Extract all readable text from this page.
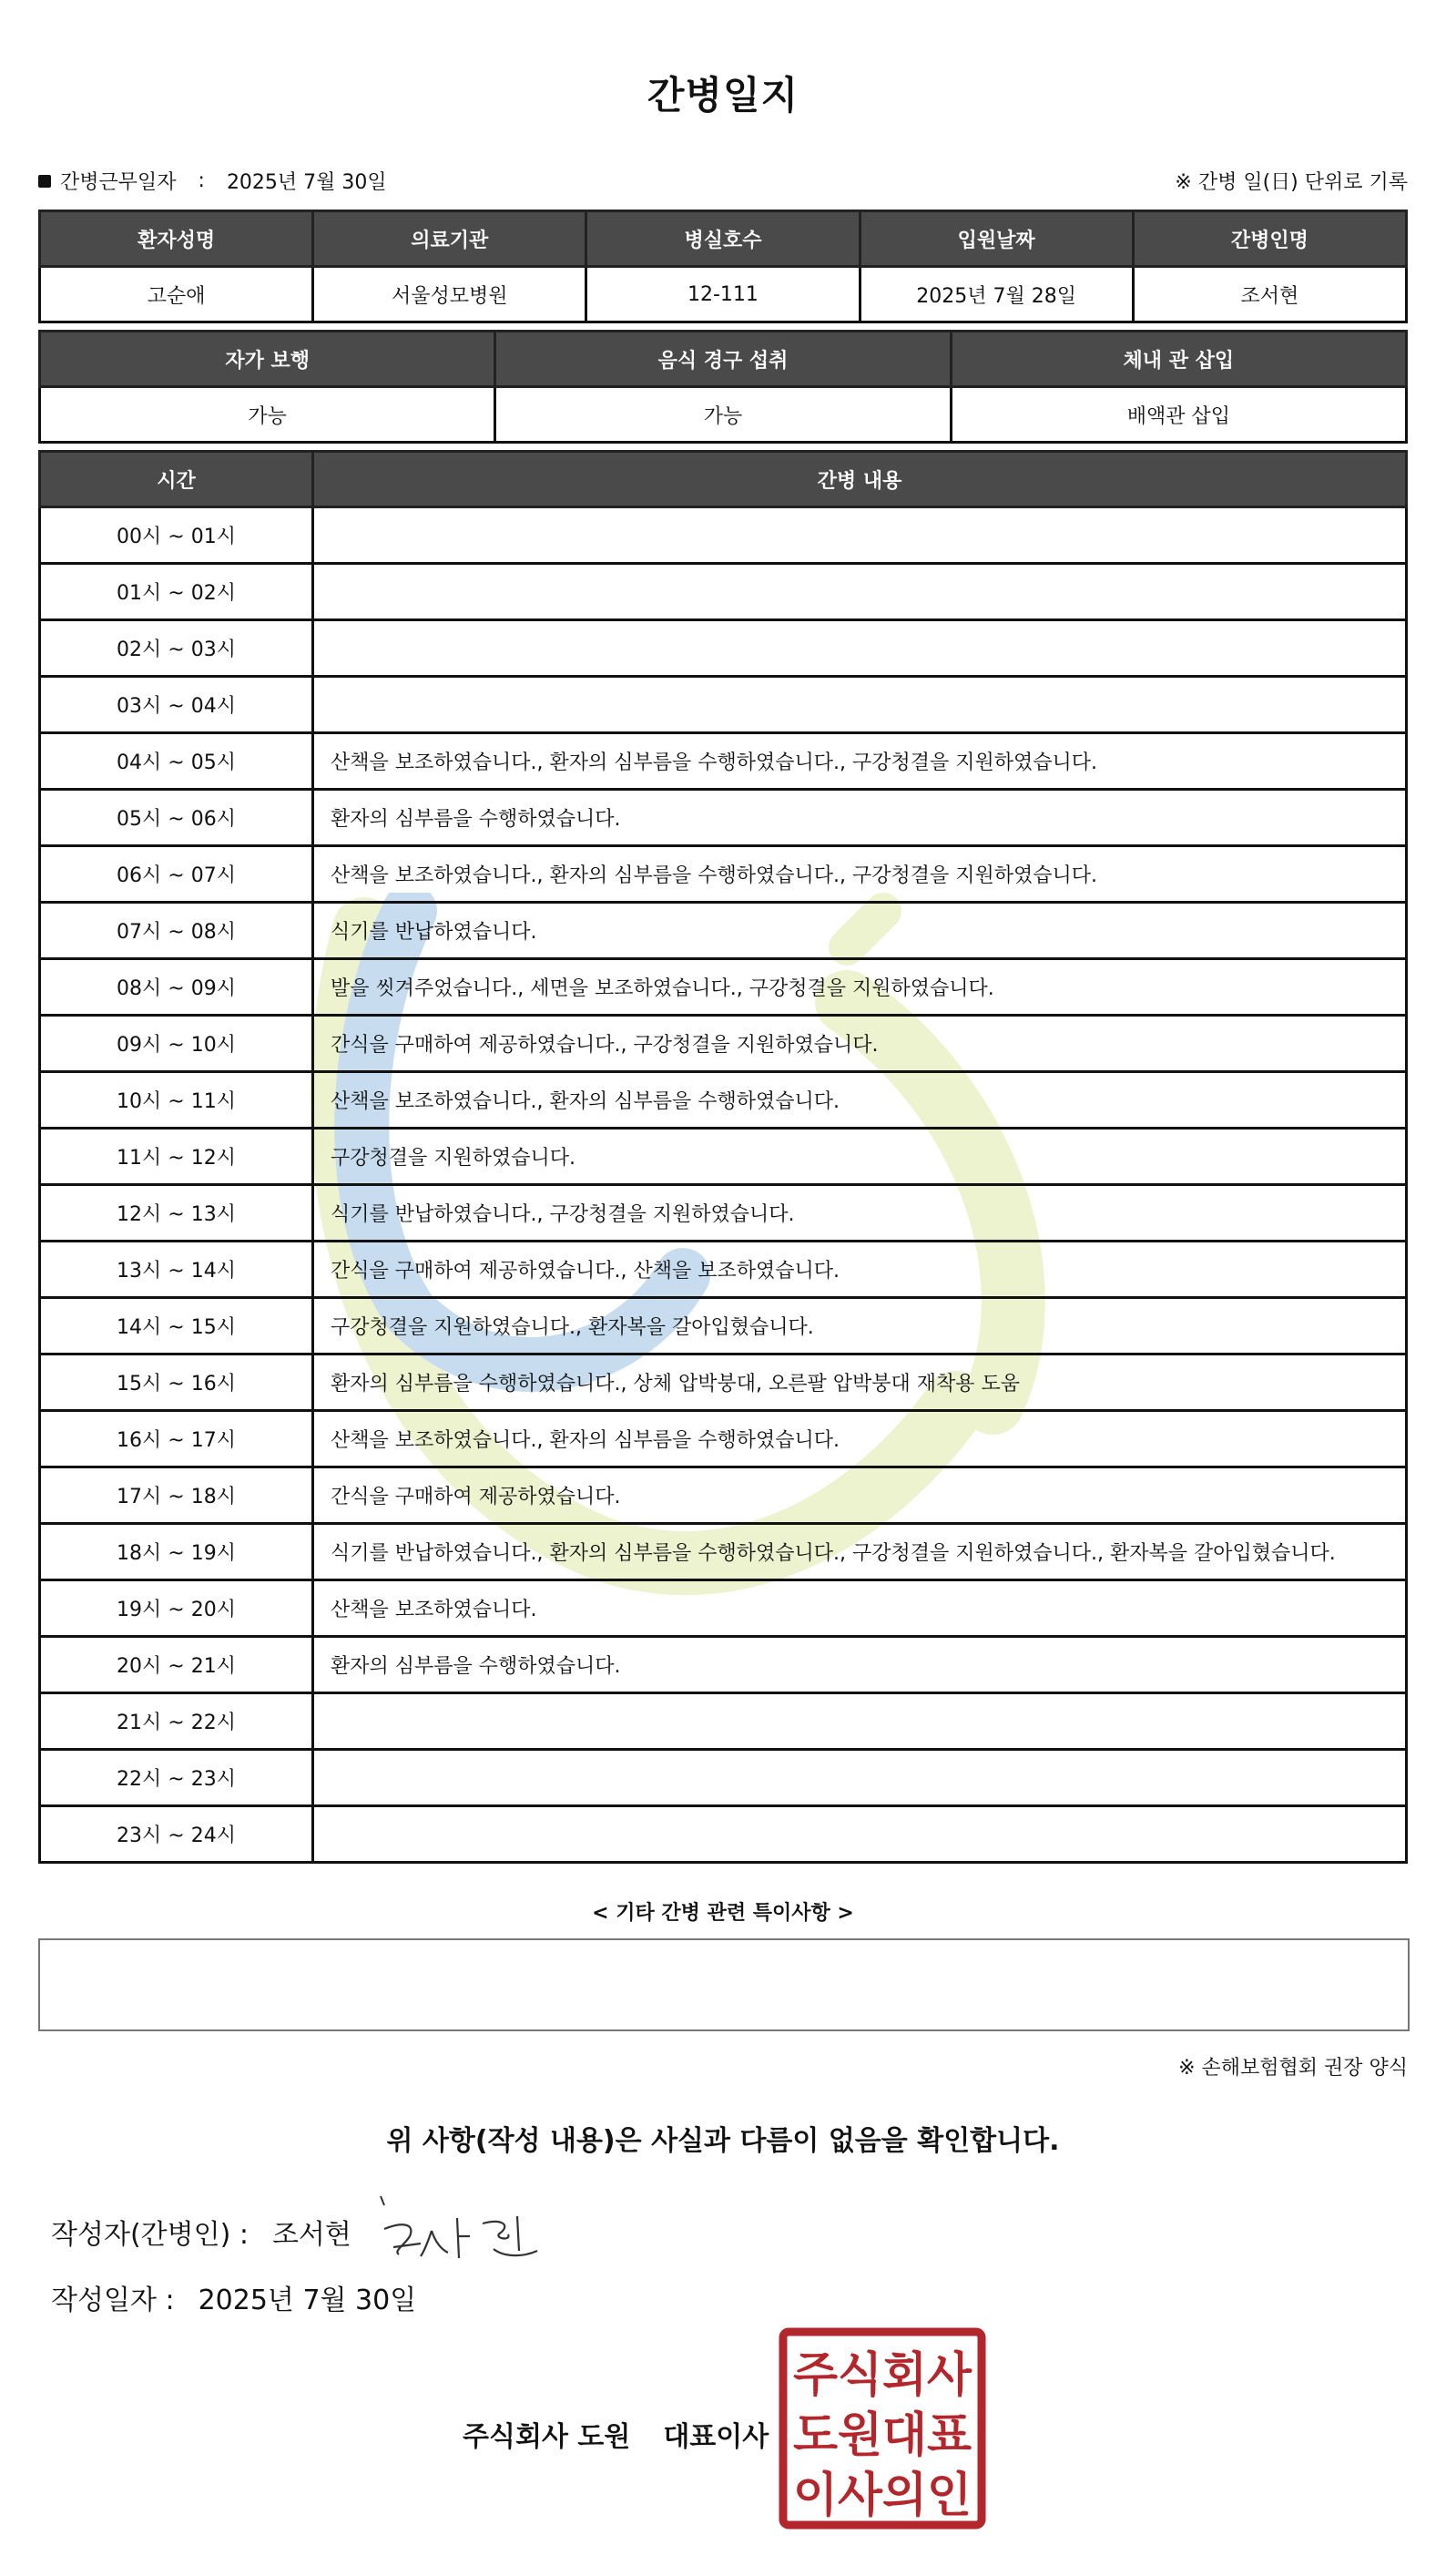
간병일지
간병근무일자 : 2025년 7월 30일	※ 간병 일(日) 단위로 기록
환자성명	의료기관	병실호수	입원날짜	간병인명
고순애	서울성모병원	12-111	2025년 7월 28일	조서현
자가 보행	음식 경구 섭취	체내 관 삽입
가능	가능	배액관 삽입
시간	간병 내용
00시 ~ 01시	
01시 ~ 02시	
02시 ~ 03시	
03시 ~ 04시	
04시 ~ 05시	산책을 보조하였습니다., 환자의 심부름을 수행하였습니다., 구강청결을 지원하였습니다.
05시 ~ 06시	환자의 심부름을 수행하였습니다.
06시 ~ 07시	산책을 보조하였습니다., 환자의 심부름을 수행하였습니다., 구강청결을 지원하였습니다.
07시 ~ 08시	식기를 반납하였습니다.
08시 ~ 09시	발을 씻겨주었습니다., 세면을 보조하였습니다., 구강청결을 지원하였습니다.
09시 ~ 10시	간식을 구매하여 제공하였습니다., 구강청결을 지원하였습니다.
10시 ~ 11시	산책을 보조하였습니다., 환자의 심부름을 수행하였습니다.
11시 ~ 12시	구강청결을 지원하였습니다.
12시 ~ 13시	식기를 반납하였습니다., 구강청결을 지원하였습니다.
13시 ~ 14시	간식을 구매하여 제공하였습니다., 산책을 보조하였습니다.
14시 ~ 15시	구강청결을 지원하였습니다., 환자복을 갈아입혔습니다.
15시 ~ 16시	환자의 심부름을 수행하였습니다., 상체 압박붕대, 오른팔 압박붕대 재착용 도움
16시 ~ 17시	산책을 보조하였습니다., 환자의 심부름을 수행하였습니다.
17시 ~ 18시	간식을 구매하여 제공하였습니다.
18시 ~ 19시	식기를 반납하였습니다., 환자의 심부름을 수행하였습니다., 구강청결을 지원하였습니다., 환자복을 갈아입혔습니다.
19시 ~ 20시	산책을 보조하였습니다.
20시 ~ 21시	환자의 심부름을 수행하였습니다.
21시 ~ 22시	
22시 ~ 23시	
23시 ~ 24시	
< 기타 간병 관련 특이사항 >
※ 손해보험협회 권장 양식
위 사항(작성 내용)은 사실과 다름이 없음을 확인합니다.
작성자(간병인) : 조서현
작성일자 : 2025년 7월 30일
주식회사 도원 대표이사
주식회사
도원대표
이사의인
